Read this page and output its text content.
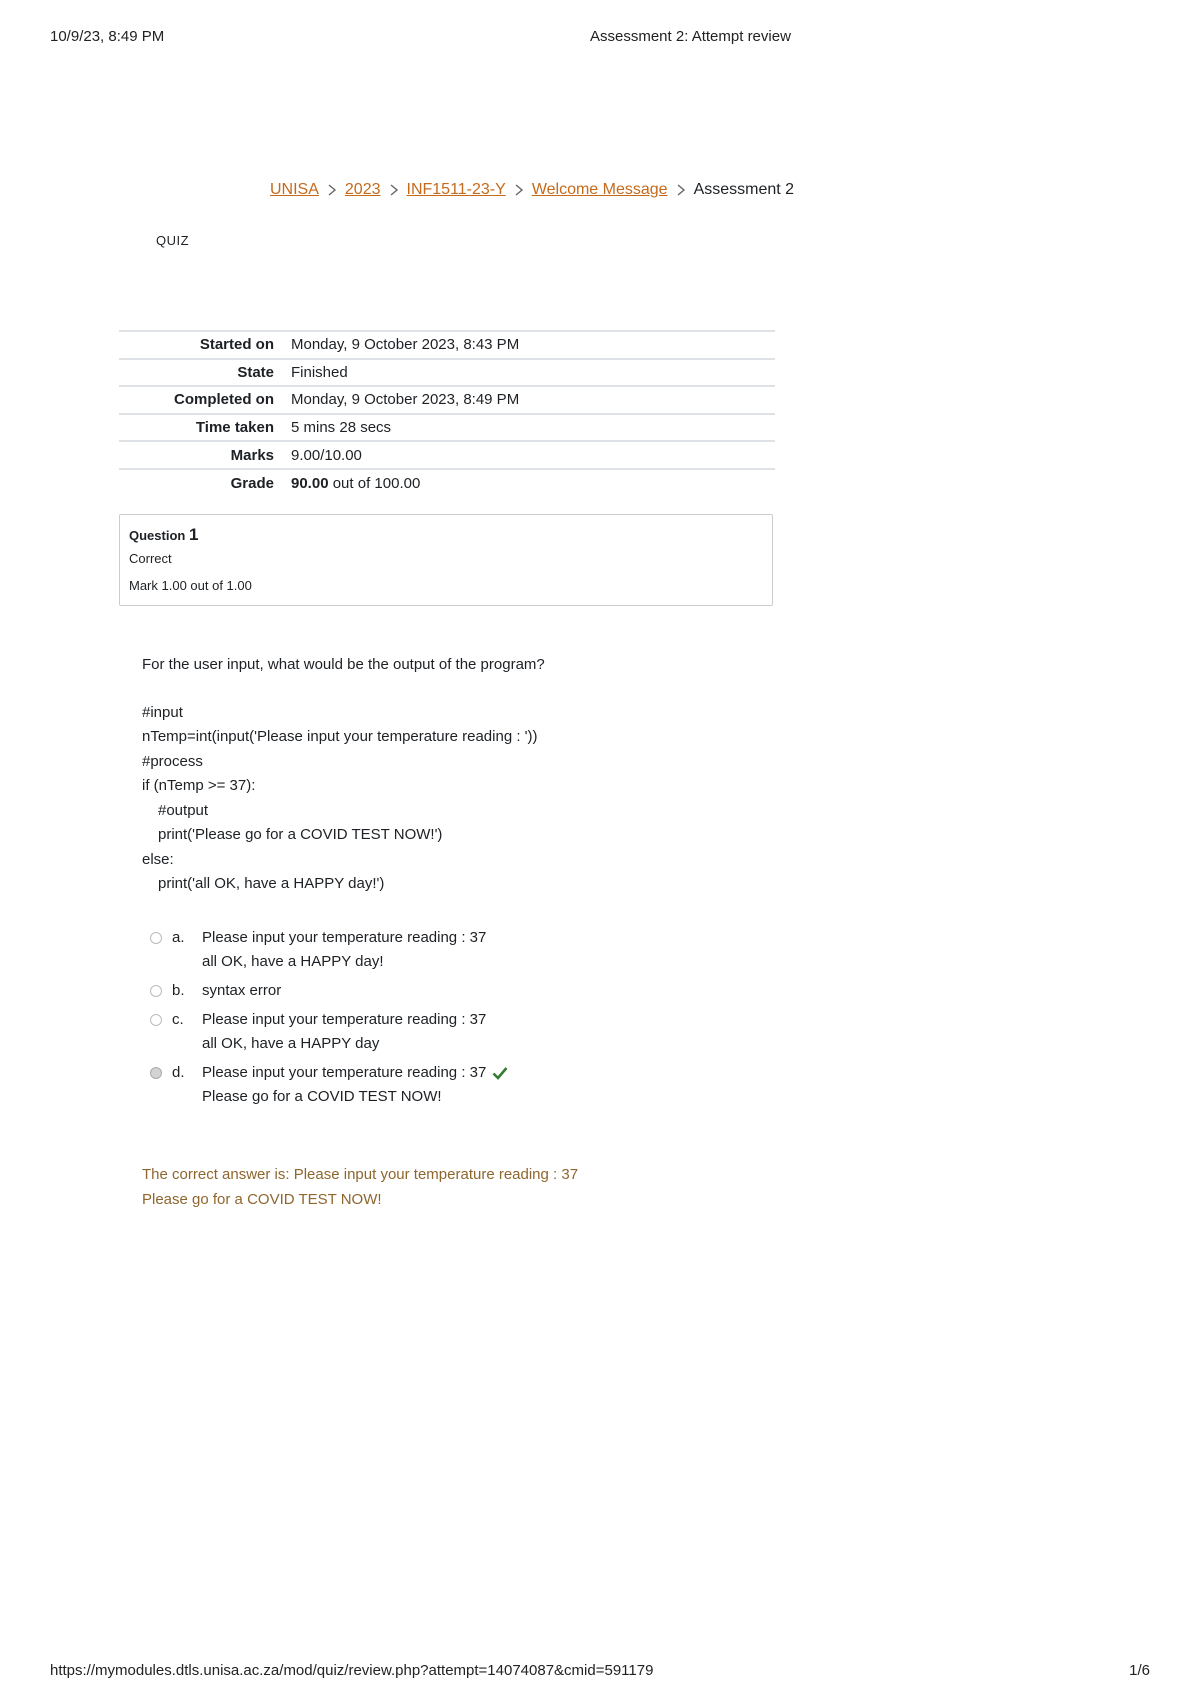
10/9/23, 8:49 PM	Assessment 2: Attempt review
UNISA 2023 INF1511-23-Y Welcome Message Assessment 2
QUIZ
Started on	Monday, 9 October 2023, 8:43 PM
State	Finished
Completed on	Monday, 9 October 2023, 8:49 PM
Time taken	5 mins 28 secs
Marks	9.00/10.00
Grade	90.00 out of 100.00
Question 1
Correct
Mark 1.00 out of 1.00
For the user input, what would be the output of the program?
#input
nTemp=int(input('Please input your temperature reading : '))
#process
if (nTemp >= 37):
#output
print('Please go for a COVID TEST NOW!')
else:
print('all OK, have a HAPPY day!')
a.	Please input your temperature reading : 37
all OK, have a HAPPY day!
b.	syntax error
c.	Please input your temperature reading : 37
all OK, have a HAPPY day
d.	Please input your temperature reading : 37
Please go for a COVID TEST NOW!
The correct answer is: Please input your temperature reading : 37
Please go for a COVID TEST NOW!
https://mymodules.dtls.unisa.ac.za/mod/quiz/review.php?attempt=14074087&cmid=591179	1/6
